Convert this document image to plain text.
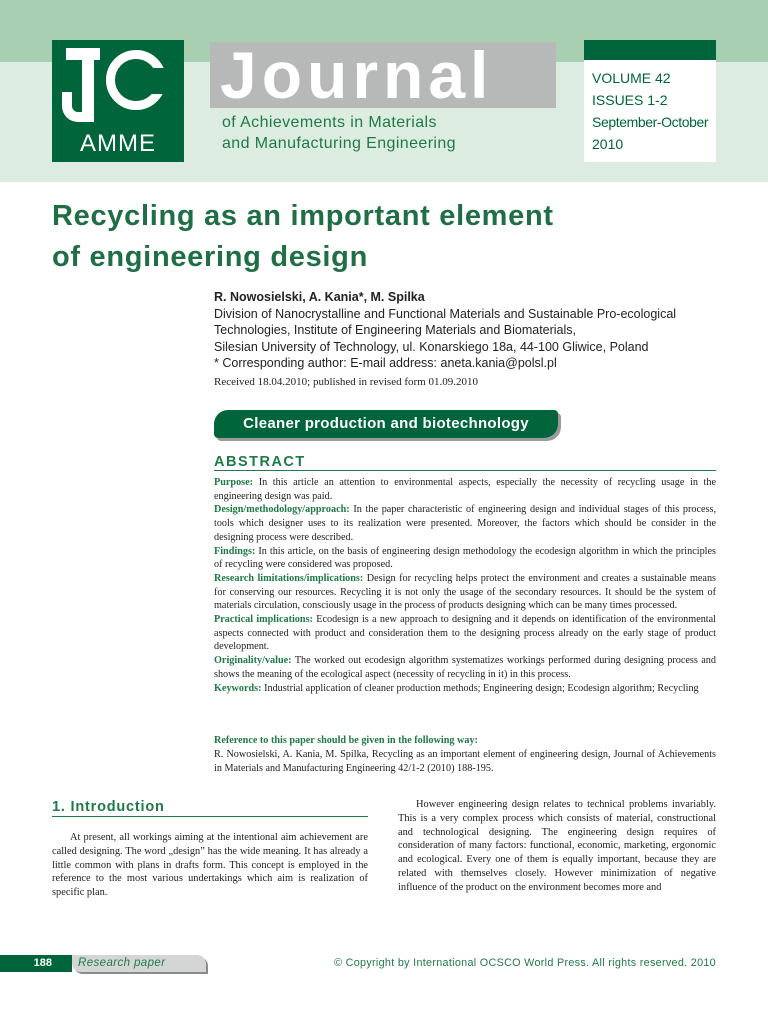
AMME
Journal
of Achievements in Materials
and Manufacturing Engineering
VOLUME 42
ISSUES 1-2
September-October
2010
Recycling as an important element
of engineering design
R. Nowosielski, A. Kania*, M. Spilka
Division of Nanocrystalline and Functional Materials and Sustainable Pro-ecological
Technologies, Institute of Engineering Materials and Biomaterials,
Silesian University of Technology, ul. Konarskiego 18a, 44-100 Gliwice, Poland
* Corresponding author: E-mail address: aneta.kania@polsl.pl
Received 18.04.2010; published in revised form 01.09.2010
Cleaner production and biotechnology
ABSTRACT

Purpose: In this article an attention to environmental aspects, especially the necessity of recycling usage in the engineering design was paid.

Design/methodology/approach: In the paper characteristic of engineering design and individual stages of this process, tools which designer uses to its realization were presented. Moreover, the factors which should be consider in the designing process were described.

Findings: In this article, on the basis of engineering design methodology the ecodesign algorithm in which the principles of recycling were considered was proposed.

Research limitations/implications: Design for recycling helps protect the environment and creates a sustainable means for conserving our resources. Recycling it is not only the usage of the secondary resources. It should be the system of materials circulation, consciously usage in the process of products designing which can be many times processed.

Practical implications: Ecodesign is a new approach to designing and it depends on identification of the environmental aspects connected with product and consideration them to the designing process already on the early stage of product development.

Originality/value: The worked out ecodesign algorithm systematizes workings performed during designing process and shows the meaning of the ecological aspect (necessity of recycling in it) in this process.

Keywords: Industrial application of cleaner production methods; Engineering design; Ecodesign algorithm; Recycling

Reference to this paper should be given in the following way:
R. Nowosielski, A. Kania, M. Spilka, Recycling as an important element of engineering design, Journal of Achievements in Materials and Manufacturing Engineering 42/1-2 (2010) 188-195.
1. Introduction
At present, all workings aiming at the intentional aim achievement are called designing. The word „design” has the wide meaning. It has already a little common with plans in drafts form. This concept is employed in the reference to the most various undertakings which aim is realization of specific plan.
However engineering design relates to technical problems invariably. This is a very complex process which consists of material, constructional and technological designing. The engineering design requires of consideration of many factors: functional, economic, marketing, ergonomic and ecological. Every one of them is equally important, because they are related with themselves closely. However minimization of negative influence of the product on the environment becomes more and
188	Research paper	© Copyright by International OCSCO World Press. All rights reserved. 2010
